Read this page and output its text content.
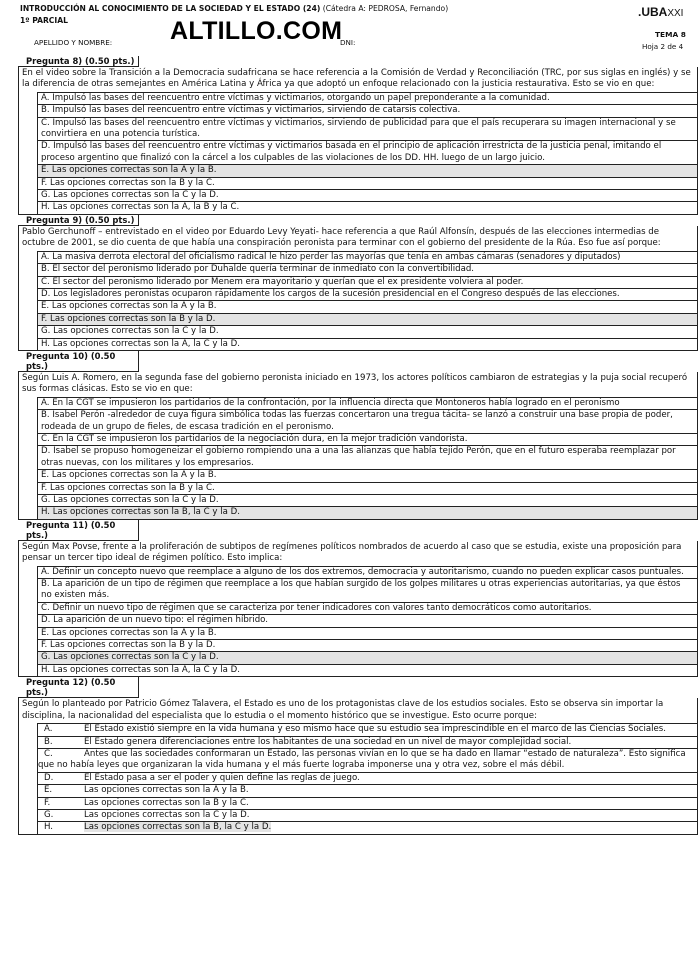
INTRODUCCIÓN AL CONOCIMIENTO DE LA SOCIEDAD Y EL ESTADO (24) (Cátedra A: PEDROSA, Fernando)
1º PARCIAL	ALTILLO.COM
APELLIDO Y NOMBRE:	DNI:
.UBAXXI
TEMA 8
Hoja 2 de 4
Pregunta 8) (0.50 pts.)
En el video sobre la Transición a la Democracia sudafricana se hace referencia a la Comisión de Verdad y Reconciliación (TRC, por sus siglas en inglés) y se la diferencia de otras semejantes en América Latina y África ya que adoptó un enfoque relacionado con la justicia restaurativa. Esto se vio en que:
A. Impulsó las bases del reencuentro entre víctimas y victimarios, otorgando un papel preponderante a la comunidad.
B. Impulsó las bases del reencuentro entre víctimas y victimarios, sirviendo de catarsis colectiva.
C. Impulsó las bases del reencuentro entre víctimas y victimarios, sirviendo de publicidad para que el país recuperara su imagen internacional y se convirtiera en una potencia turística.
D. Impulsó las bases del reencuentro entre víctimas y victimarios basada en el principio de aplicación irrestricta de la justicia penal, imitando el proceso argentino que finalizó con la cárcel a los culpables de las violaciones de los DD. HH. luego de un largo juicio.
E. Las opciones correctas son la A y la B.
F. Las opciones correctas son la B y la C.
G. Las opciones correctas son la C y la D.
H. Las opciones correctas son la A, la B y la C.
Pregunta 9) (0.50 pts.)
Pablo Gerchunoff – entrevistado en el video por Eduardo Levy Yeyati- hace referencia a que Raúl Alfonsín, después de las elecciones intermedias de octubre de 2001, se dio cuenta de que había una conspiración peronista para terminar con el gobierno del presidente de la Rúa. Eso fue así porque:
A. La masiva derrota electoral del oficialismo radical le hizo perder las mayorías que tenía en ambas cámaras (senadores y diputados)
B. El sector del peronismo liderado por Duhalde quería terminar de inmediato con la convertibilidad.
C. El sector del peronismo liderado por Menem era mayoritario y querían que el ex presidente volviera al poder.
D. Los legisladores peronistas ocuparon rápidamente los cargos de la sucesión presidencial en el Congreso después de las elecciones.
E. Las opciones correctas son la A y la B.
F. Las opciones correctas son la B y la D.
G. Las opciones correctas son la C y la D.
H. Las opciones correctas son la A, la C y la D.
Pregunta 10) (0.50 pts.)
Según Luis A. Romero, en la segunda fase del gobierno peronista iniciado en 1973, los actores políticos cambiaron de estrategias y la puja social recuperó sus formas clásicas. Esto se vio en que:
A. En la CGT se impusieron los partidarios de la confrontación, por la influencia directa que Montoneros había logrado en el peronismo
B. Isabel Perón -alrededor de cuya figura simbólica todas las fuerzas concertaron una tregua tácita- se lanzó a construir una base propia de poder, rodeada de un grupo de fieles, de escasa tradición en el peronismo.
C. En la CGT se impusieron los partidarios de la negociación dura, en la mejor tradición vandorista.
D. Isabel se propuso homogeneizar el gobierno rompiendo una a una las alianzas que había tejido Perón, que en el futuro esperaba reemplazar por otras nuevas, con los militares y los empresarios.
E. Las opciones correctas son la A y la B.
F. Las opciones correctas son la B y la C.
G. Las opciones correctas son la C y la D.
H. Las opciones correctas son la B, la C y la D.
Pregunta 11) (0.50 pts.)
Según Max Povse, frente a la proliferación de subtipos de regímenes políticos nombrados de acuerdo al caso que se estudia, existe una proposición para pensar un tercer tipo ideal de régimen político. Esto implica:
A. Definir un concepto nuevo que reemplace a alguno de los dos extremos, democracia y autoritarismo, cuando no pueden explicar casos puntuales.
B. La aparición de un tipo de régimen que reemplace a los que habían surgido de los golpes militares u otras experiencias autoritarias, ya que éstos no existen más.
C. Definir un nuevo tipo de régimen que se caracteriza por tener indicadores con valores tanto democráticos como autoritarios.
D. La aparición de un nuevo tipo: el régimen híbrido.
E. Las opciones correctas son la A y la B.
F. Las opciones correctas son la B y la D.
G. Las opciones correctas son la C y la D.
H. Las opciones correctas son la A, la C y la D.
Pregunta 12) (0.50 pts.)
Según lo planteado por Patricio Gómez Talavera, el Estado es uno de los protagonistas clave de los estudios sociales. Esto se observa sin importar la disciplina, la nacionalidad del especialista que lo estudia o el momento histórico que se investigue. Esto ocurre porque:
A.	El Estado existió siempre en la vida humana y eso mismo hace que su estudio sea imprescindible en el marco de las Ciencias Sociales.
B.	El Estado genera diferenciaciones entre los habitantes de una sociedad en un nivel de mayor complejidad social.
C.	Antes que las sociedades conformaran un Estado, las personas vivían en lo que se ha dado en llamar “estado de naturaleza”. Esto significa que no había leyes que organizaran la vida humana y el más fuerte lograba imponerse una y otra vez, sobre el más débil.
D.	El Estado pasa a ser el poder y quien define las reglas de juego.
E.	Las opciones correctas son la A y la B.
F.	Las opciones correctas son la B y la C.
G.	Las opciones correctas son la C y la D.
H.	Las opciones correctas son la B, la C y la D.
